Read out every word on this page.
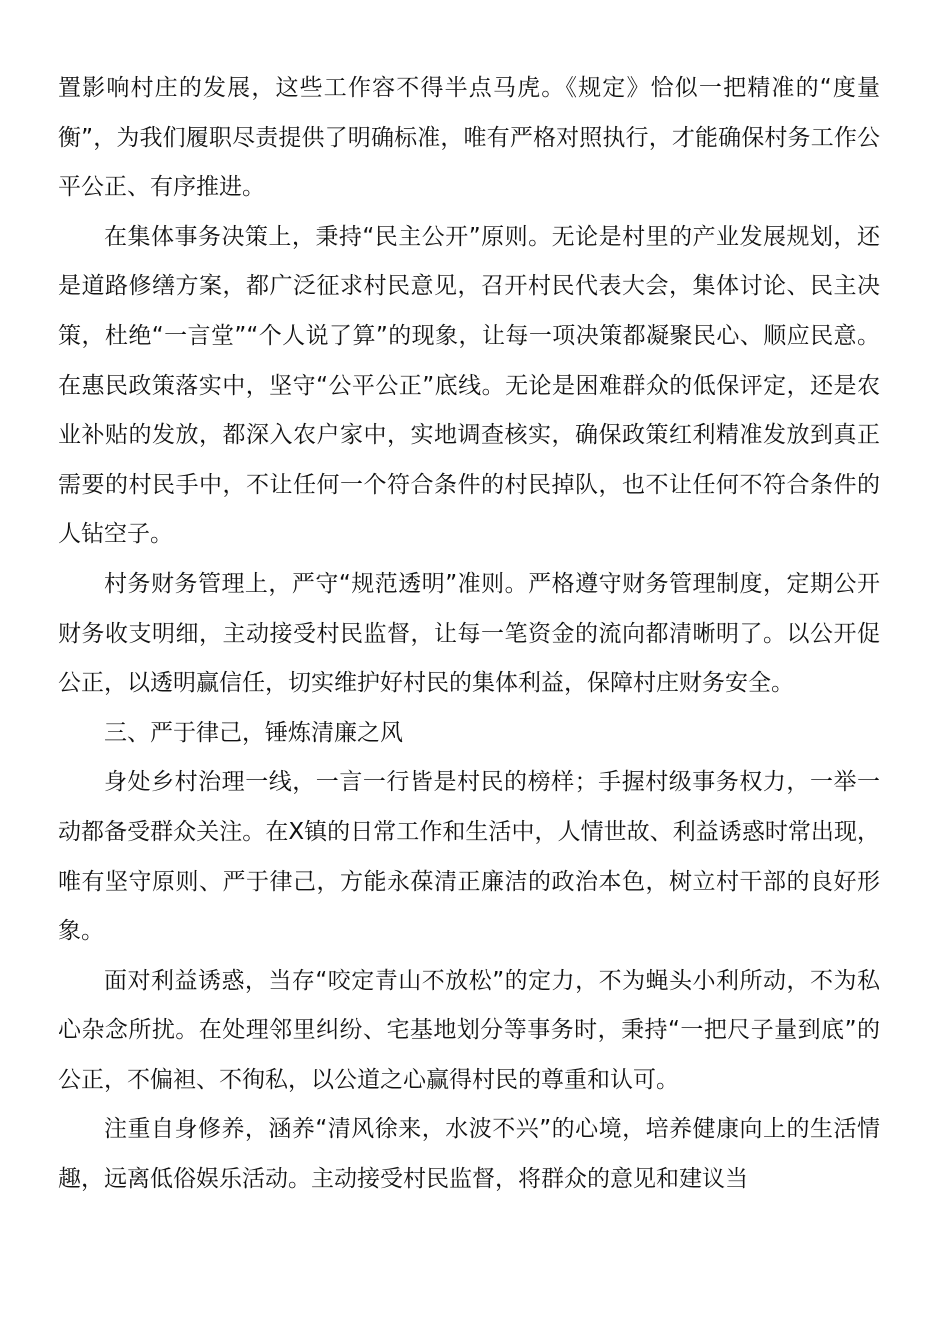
置影响村庄的发展，这些工作容不得半点马虎。《规定》恰似一把精准的“度量衡”，为我们履职尽责提供了明确标准，唯有严格对照执行，才能确保村务工作公平公正、有序推进。

在集体事务决策上，秉持“民主公开”原则。无论是村里的产业发展规划，还是道路修缮方案，都广泛征求村民意见，召开村民代表大会，集体讨论、民主决策，杜绝“一言堂”“个人说了算”的现象，让每一项决策都凝聚民心、顺应民意。在惠民政策落实中，坚守“公平公正”底线。无论是困难群众的低保评定，还是农业补贴的发放，都深入农户家中，实地调查核实，确保政策红利精准发放到真正需要的村民手中，不让任何一个符合条件的村民掉队，也不让任何不符合条件的人钻空子。

村务财务管理上，严守“规范透明”准则。严格遵守财务管理制度，定期公开财务收支明细，主动接受村民监督，让每一笔资金的流向都清晰明了。以公开促公正，以透明赢信任，切实维护好村民的集体利益，保障村庄财务安全。

三、严于律己，锤炼清廉之风

身处乡村治理一线，一言一行皆是村民的榜样；手握村级事务权力，一举一动都备受群众关注。在X镇的日常工作和生活中，人情世故、利益诱惑时常出现，唯有坚守原则、严于律己，方能永葆清正廉洁的政治本色，树立村干部的良好形象。

面对利益诱惑，当存“咬定青山不放松”的定力，不为蝇头小利所动，不为私心杂念所扰。在处理邻里纠纷、宅基地划分等事务时，秉持“一把尺子量到底”的公正，不偏袒、不徇私，以公道之心赢得村民的尊重和认可。

注重自身修养，涵养“清风徐来，水波不兴”的心境，培养健康向上的生活情趣，远离低俗娱乐活动。主动接受村民监督，将群众的意见和建议当
